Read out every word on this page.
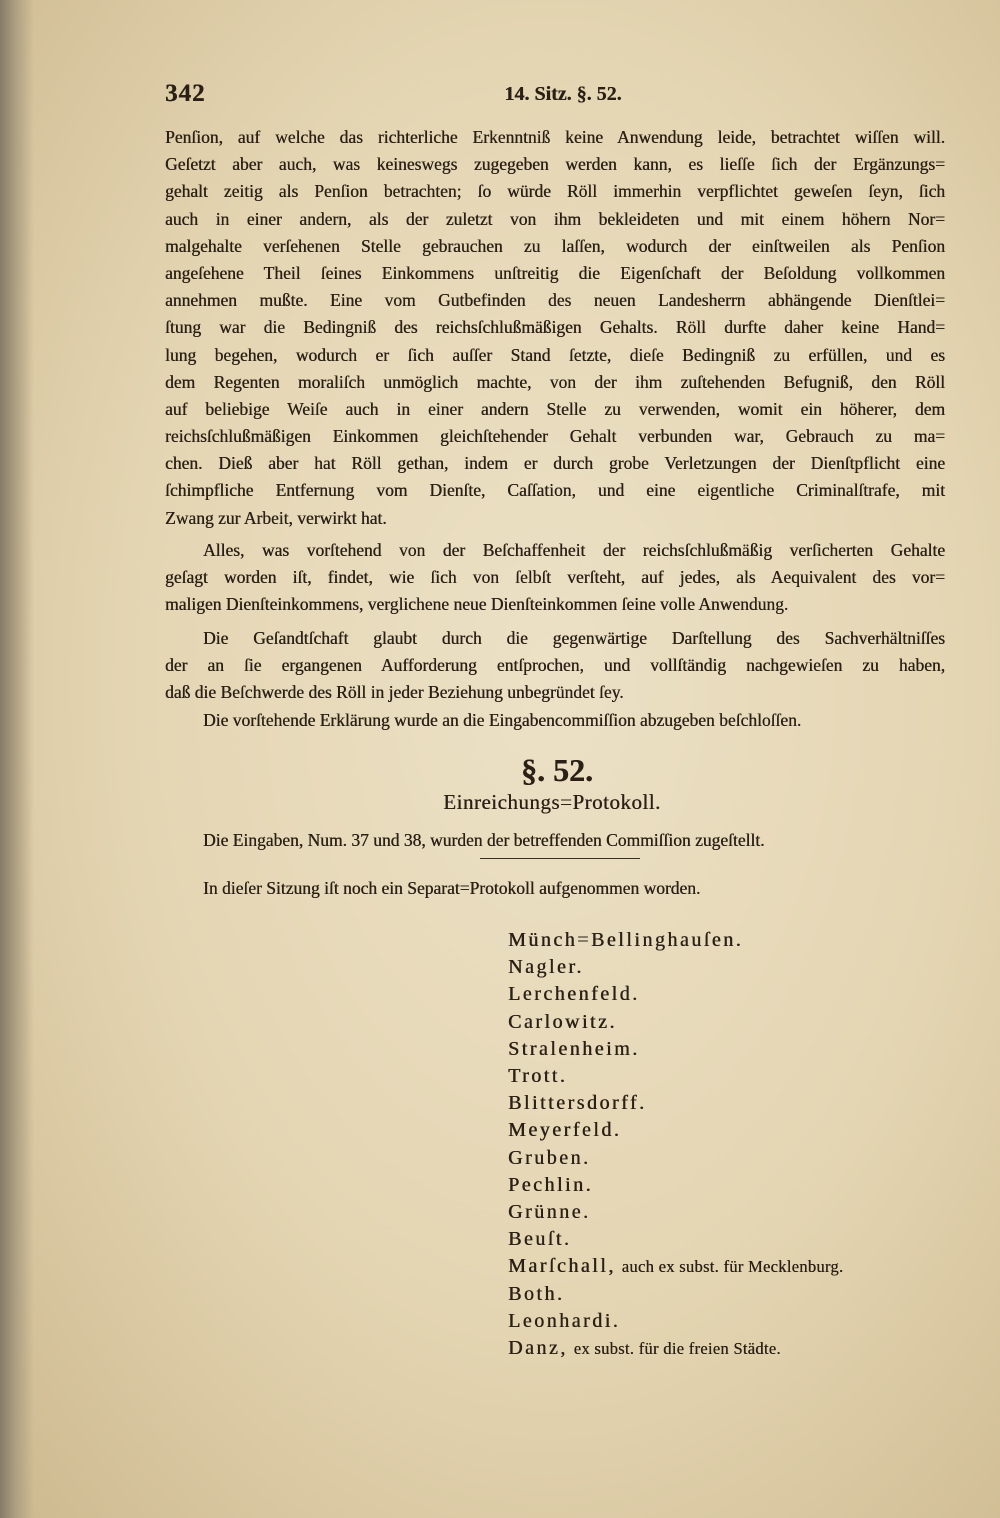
342	14. Sitz. §. 52.
Penſion, auf welche das richterliche Erkenntniß keine Anwendung leide, betrachtet wiſſen will.
Geſetzt aber auch, was keineswegs zugegeben werden kann, es lieſſe ſich der Ergänzungs=
gehalt zeitig als Penſion betrachten; ſo würde Röll immerhin verpflichtet geweſen ſeyn, ſich
auch in einer andern, als der zuletzt von ihm bekleideten und mit einem höhern Nor=
malgehalte verſehenen Stelle gebrauchen zu laſſen, wodurch der einſtweilen als Penſion
angeſehene Theil ſeines Einkommens unſtreitig die Eigenſchaft der Beſoldung vollkommen
annehmen mußte. Eine vom Gutbefinden des neuen Landesherrn abhängende Dienſtlei=
ſtung war die Bedingniß des reichsſchlußmäßigen Gehalts. Röll durfte daher keine Hand=
lung begehen, wodurch er ſich auſſer Stand ſetzte, dieſe Bedingniß zu erfüllen, und es
dem Regenten moraliſch unmöglich machte, von der ihm zuſtehenden Befugniß, den Röll
auf beliebige Weiſe auch in einer andern Stelle zu verwenden, womit ein höherer, dem
reichsſchlußmäßigen Einkommen gleichſtehender Gehalt verbunden war, Gebrauch zu ma=
chen. Dieß aber hat Röll gethan, indem er durch grobe Verletzungen der Dienſtpflicht eine
ſchimpfliche Entfernung vom Dienſte, Caſſation, und eine eigentliche Criminalſtrafe, mit
Zwang zur Arbeit, verwirkt hat.
Alles, was vorſtehend von der Beſchaffenheit der reichsſchlußmäßig verſicherten Gehalte
geſagt worden iſt, findet, wie ſich von ſelbſt verſteht, auf jedes, als Aequivalent des vor=
maligen Dienſteinkommens, verglichene neue Dienſteinkommen ſeine volle Anwendung.
Die Geſandtſchaft glaubt durch die gegenwärtige Darſtellung des Sachverhältniſſes
der an ſie ergangenen Aufforderung entſprochen, und vollſtändig nachgewieſen zu haben,
daß die Beſchwerde des Röll in jeder Beziehung unbegründet ſey.
Die vorſtehende Erklärung wurde an die Eingabencommiſſion abzugeben beſchloſſen.
§. 52.
Einreichungs=Protokoll.
Die Eingaben, Num. 37 und 38, wurden der betreffenden Commiſſion zugeſtellt.
In dieſer Sitzung iſt noch ein Separat=Protokoll aufgenommen worden.
Münch=Bellinghauſen.
Nagler.
Lerchenfeld.
Carlowitz.
Stralenheim.
Trott.
Blittersdorff.
Meyerfeld.
Gruben.
Pechlin.
Grünne.
Beuſt.
Marſchall, auch ex subst. für Mecklenburg.
Both.
Leonhardi.
Danz, ex subst. für die freien Städte.
